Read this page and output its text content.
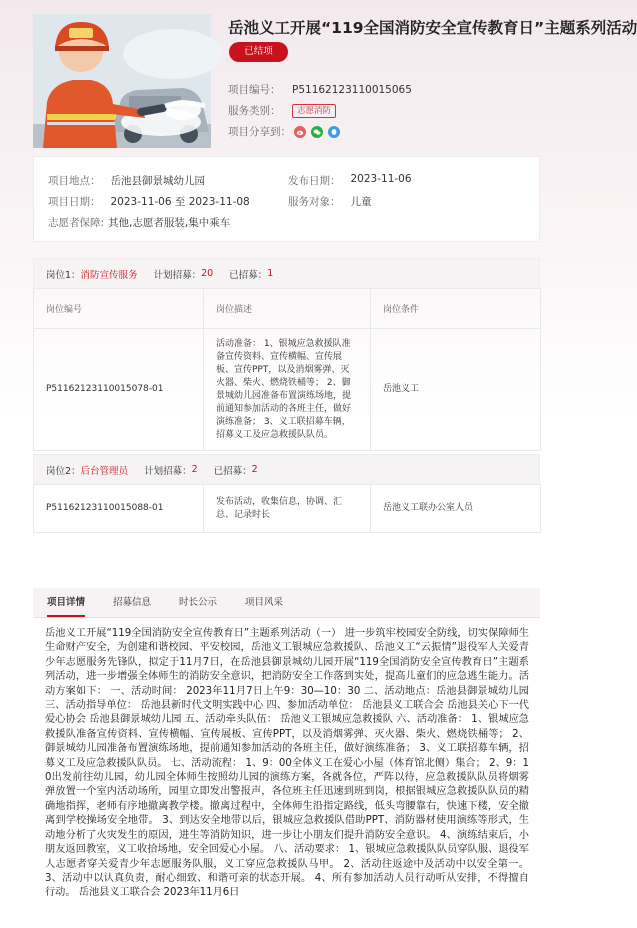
岳池义工开展“119全国消防安全宣传教育日”主题系列活动
已结项
项目编号：	P51162123110015065
服务类别：	志愿消防
项目分享到：
项目地点： 岳池县御景城幼儿园	发布日期： 2023-11-06
项目日期： 2023-11-06 至 2023-11-08	服务对象： 儿童
志愿者保障: 其他,志愿者服装,集中乘车
岗位1： 消防宣传服务 计划招募： 20 已招募： 1
岗位编号	岗位描述	岗位条件
P51162123110015078-01	活动准备： 1、银城应急救援队准备宣传资料、宣传横幅、宣传展板、宣传PPT，以及消烟雾弹、灭火器、柴火、燃烧铁桶等； 2、御景城幼儿园准备布置演练场地，提前通知参加活动的各班主任，做好演练准备； 3、义工联招募车辆，招募义工及应急救援队队员。	岳池义工
岗位2： 后台管理员 计划招募： 2 已招募： 2
P51162123110015088-01	发布活动，收集信息，协调、汇总、记录时长	岳池义工联办公室人员
项目详情	招募信息	时长公示	项目风采
岳池义工开展“119全国消防安全宣传教育日”主题系列活动（一） 进一步筑牢校园安全防线，切实保障师生生命财产安全，为创建和谐校园、平安校园，岳池义工银城应急救援队、岳池义工“云振情”退役军人关爱青少年志愿服务先锋队，拟定于11月7日，在岳池县御景城幼儿园开展“119全国消防安全宣传教育日”主题系列活动，进一步增强全体师生的消防安全意识，把消防安全工作落到实处，提高儿童们的应急逃生能力。活动方案如下： 一、活动时间： 2023年11月7日上午9：30—10：30 二、活动地点：岳池县御景城幼儿园 三、活动指导单位： 岳池县新时代文明实践中心 四、参加活动单位： 岳池县义工联合会 岳池县关心下一代爱心协会 岳池县御景城幼儿园 五、活动牵头队伍： 岳池义工银城应急救援队 六、活动准备： 1、银城应急救援队准备宣传资料、宣传横幅、宣传展板、宣传PPT，以及消烟雾弹、灭火器、柴火、燃烧铁桶等； 2、御景城幼儿园准备布置演练场地，提前通知参加活动的各班主任，做好演练准备； 3、义工联招募车辆，招募义工及应急救援队队员。 七、活动流程： 1、9：00全体义工在爱心小屋（体育馆北侧）集合； 2、9：10出发前往幼儿园，幼儿园全体师生按照幼儿园的演练方案，各就各位，严阵以待，应急救援队队员将烟雾弹放置一个室内活动场所，园里立即发出警报声，各位班主任迅速到班到岗，根据银城应急救援队队员的精确地指挥，老师有序地撤离教学楼。撤离过程中，全体师生沿指定路线，低头弯腰靠右，快速下楼，安全撤离到学校操场安全地带。 3、到达安全地带以后，银城应急救援队借助PPT、消防器材使用演练等形式，生动地分析了火灾发生的原因，进生等消防知识，进一步让小朋友们提升消防安全意识。 4、演练结束后，小朋友返回教室，义工收拾场地，安全回爱心小屋。 八、活动要求： 1、银城应急救援队队员穿队服、退役军人志愿者穿关爱青少年志愿服务队服，义工穿应急救援队马甲。 2、活动往返途中及活动中以安全第一。 3、活动中以认真负责，耐心细致、和谐可亲的状态开展。 4、所有参加活动人员行动听从安排，不得擅自行动。 岳池县义工联合会 2023年11月6日
